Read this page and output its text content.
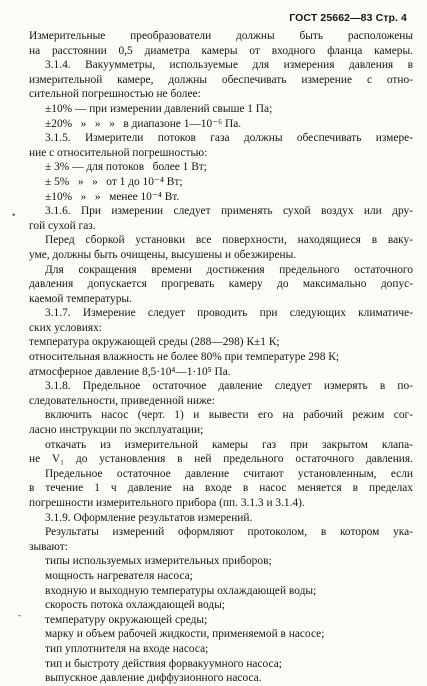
ГОСТ 25662—83 Стр. 4
Измерительные преобразователи должны быть расположены
на расстоянии 0,5 диаметра камеры от входного фланца камеры.
3.1.4. Вакуумметры, используемые для измерения давления в
измерительной камере, должны обеспечивать измерение с отно-
сительной погрешностью не более:
±10% — при измерении давлений свыше 1 Па;
±20%   »   »   »   в диапазоне 1—10⁻⁶ Па.
3.1.5. Измерители потоков газа должны обеспечивать измере-
ние с относительной погрешностью:
± 3% — для потоков   более 1 Вт;
± 5%   »   »   от 1 до 10⁻⁴ Вт;
±10%   »   »   менее 10⁻⁴ Вт.
3.1.6. При измерении следует применять сухой воздух или дру-
гой сухой газ.
Перед сборкой установки все поверхности, находящиеся в ваку-
уме, должны быть очищены, высушены и обезжирены.
Для сокращения времени достижения предельного остаточного
давления допускается прогревать камеру до максимально допус-
каемой температуры.
3.1.7. Измерение следует проводить при следующих климатиче-
ских условиях:
температура окружающей среды (288—298) К±1 К;
относительная влажность не более 80% при температуре 298 К;
атмосферное давление 8,5·10⁴—1·10⁵ Па.
3.1.8. Предельное остаточное давление следует измерять в по-
следовательности, приведенной ниже:
включить насос (черт. 1) и вывести его на рабочий режим сог-
ласно инструкции по эксплуатации;
откачать из измерительной камеры газ при закрытом клапа-
не V₁ до установления в ней предельного остаточного давления.
Предельное остаточное давление считают установленным, если
в течение 1 ч давление на входе в насос меняется в пределах
погрешности измерительного прибора (пп. 3.1.3 и 3.1.4).
3.1.9. Оформление результатов измерений.
Результаты измерений оформляют протоколом, в котором ука-
зывают:
типы используемых измерительных приборов;
мощность нагревателя насоса;
входную и выходную температуры охлаждающей воды;
скорость потока охлаждающей воды;
температуру окружающей среды;
марку и объем рабочей жидкости, применяемой в насосе;
тип уплотнителя на входе насоса;
тип и быстроту действия форвакуумного насоса;
выпускное давление диффузионного насоса.
•
‐
